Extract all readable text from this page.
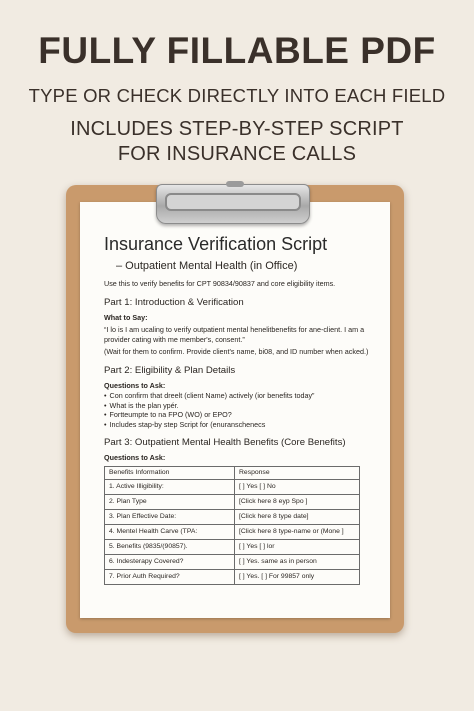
FULLY FILLABLE PDF
TYPE OR CHECK DIRECTLY INTO EACH FIELD
INCLUDES STEP-BY-STEP SCRIPT
FOR INSURANCE CALLS
Insurance Verification Script
– Outpatient Mental Health (in Office)
Use this to verify benefits for CPT 90834/90837 and core eligibility items.
Part 1: Introduction & Verification
What to Say:
“I lo is I am ucaling to verify outpatient mental henelitbenefits for ane-client. I am a provider cating with me member's, consent.”
(Wait for them to confirm. Provide client's name, bi08, and ID number when acked.)
Part 2: Eligibility & Plan Details
Questions to Ask:
• Con confirm that dreelt (client Name) actively (ior benefits today”
• What is the plan ypér.
• Fortteumpte to na FPO (WO) or EPO?
• Includes stap-by step Script for (enuranschenecs
Part 3: Outpatient Mental Health Benefits (Core Benefits)
Questions to Ask:
Benefits Information	Response
1. Active Illigibility:	[ ] Yes [ ] No
2. Plan Type	[Click here 8 eyp Spo ]
3. Plan Effective Date:	[Click here 8 type date]
4. Mentel Health Carve (TPA:	[Click here 8 type-name or (Mone ]
5. Benefits (9835/(90857).	[ ] Yes [ ] lor
6. Indesterapy Covered?	[ ] Yes. same as in person
7. Prior Auth Required?	[ ] Yes. [ ] For 99857 only
